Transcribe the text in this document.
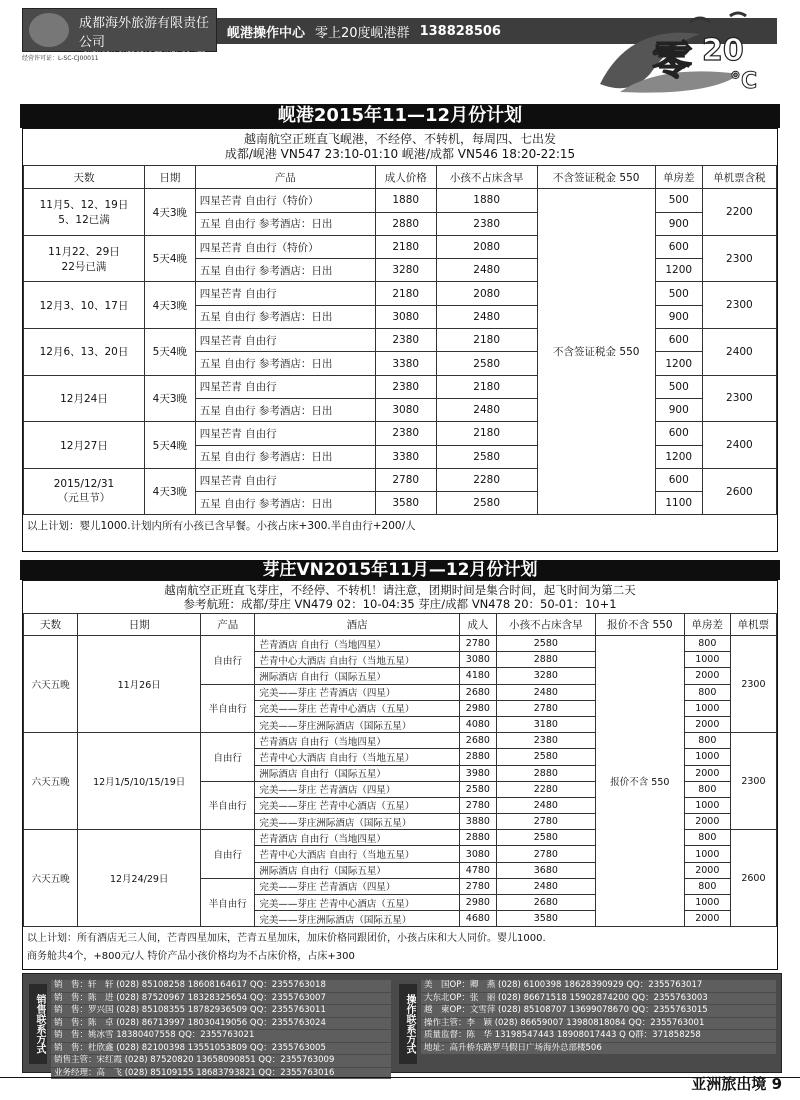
成都海外旅游有限责任公司
CHENGDU OVERSEAS TRAVEL CO.,LTD
经营许可证：L-SC-CJ00011
岘港操作中心 零上20度岘港群 138828506
零 20
°C
岘港2015年11—12月份计划
越南航空正班直飞岘港，不经停、不转机，每周四、七出发
成都/岘港 VN547 23:10-01:10 岘港/成都 VN546 18:20-22:15
天数	日期	产品	成人价格	小孩不占床含早	不含签证税金 550	单房差	单机票含税
11月5、12、19日
5、12已满	4天3晚	四星芒青 自由行（特价）	1880	1880	不含签证税金 550	500	2200
		五星 自由行 参考酒店：日出	2880	2380		900	
11月22、29日
22号已满	5天4晚	四星芒青 自由行（特价）	2180	2080		600	2300
		五星 自由行 参考酒店：日出	3280	2480		1200	
12月3、10、17日	4天3晚	四星芒青 自由行	2180	2080		500	2300
		五星 自由行 参考酒店：日出	3080	2480		900	
12月6、13、20日	5天4晚	四星芒青 自由行	2380	2180		600	2400
		五星 自由行 参考酒店：日出	3380	2580		1200	
12月24日	4天3晚	四星芒青 自由行	2380	2180		500	2300
		五星 自由行 参考酒店：日出	3080	2480		900	
12月27日	5天4晚	四星芒青 自由行	2380	2180		600	2400
		五星 自由行 参考酒店：日出	3380	2580		1200	
2015/12/31
（元旦节）	4天3晚	四星芒青 自由行	2780	2280		600	2600
		五星 自由行 参考酒店：日出	3580	2580		1100	
以上计划：婴儿1000.计划内所有小孩已含早餐。小孩占床+300.半自由行+200/人
芽庄VN2015年11月—12月份计划
越南航空正班直飞芽庄，不经停、不转机！请注意，团期时间是集合时间，起飞时间为第二天
参考航班：成都/芽庄 VN479 02：10-04:35 芽庄/成都 VN478 20：50-01：10+1
天数	日期	产品	酒店	成人	小孩不占床含早	报价不含 550	单房差	单机票
六天五晚	11月26日	自由行	芒青酒店 自由行（当地四星）	2780	2580	报价不含 550	800	2300
			芒青中心大酒店 自由行（当地五星）	3080	2880		1000	
			洲际酒店 自由行（国际五星）	4180	3280		2000	
		半自由行	完美——芽庄 芒青酒店（四星）	2680	2480		800	
			完美——芽庄 芒青中心酒店（五星）	2980	2780		1000	
			完美——芽庄洲际酒店（国际五星）	4080	3180		2000	
六天五晚	12月1/5/10/15/19日	自由行	芒青酒店 自由行（当地四星）	2680	2380		800	2300
			芒青中心大酒店 自由行（当地五星）	2880	2580		1000	
			洲际酒店 自由行（国际五星）	3980	2880		2000	
		半自由行	完美——芽庄 芒青酒店（四星）	2580	2280		800	
			完美——芽庄 芒青中心酒店（五星）	2780	2480		1000	
			完美——芽庄洲际酒店（国际五星）	3880	2780		2000	
六天五晚	12月24/29日	自由行	芒青酒店 自由行（当地四星）	2880	2580		800	2600
			芒青中心大酒店 自由行（当地五星）	3080	2780		1000	
			洲际酒店 自由行（国际五星）	4780	3680		2000	
		半自由行	完美——芽庄 芒青酒店（四星）	2780	2480		800	
			完美——芽庄 芒青中心酒店（五星）	2980	2680		1000	
			完美——芽庄洲际酒店（国际五星）	4680	3580		2000	
以上计划：所有酒店无三人间，芒青四星加床，芒青五星加床，加床价格同跟团价，小孩占床和大人同价。婴儿1000.
商务舱共4个，+800元/人 特价产品小孩价格均为不占床价格，占床+300
销售联系方式
销　售：轩　轩 (028) 85108258 18608164617 QQ：2355763018
销　售：陈　进 (028) 87520967 18328325654 QQ：2355763007
销　售：罗兴国 (028) 85108355 18782936509 QQ：2355763011
销　售：陈　卓 (028) 86713997 18030419056 QQ：2355763024
销　售：姚冰雪 18380407558 QQ：2355763021
销　售：杜欣鑫 (028) 82100398 13551053809 QQ：2355763005
销售主管：宋红霞 (028) 87520820 13658090851 QQ：2355763009
业务经理：高　飞 (028) 85109155 18683793821 QQ：2355763016
操作联系方式
美　国OP：卿　燕 (028) 6100398 18628390929 QQ：2355763017
大东北OP：张　丽 (028) 86671518 15902874200 QQ：2355763003
越　柬OP：文雪萍 (028) 85108707 13699078670 QQ：2355763015
操作主管：李　颖 (028) 86659007 13980818084 QQ：2355763001
质量监督：陈　华 13198547443 18908017443 Q Q群：371858258
地址：高升桥东路罗马假日广场海外总部楼506
亚洲旅出境 9
